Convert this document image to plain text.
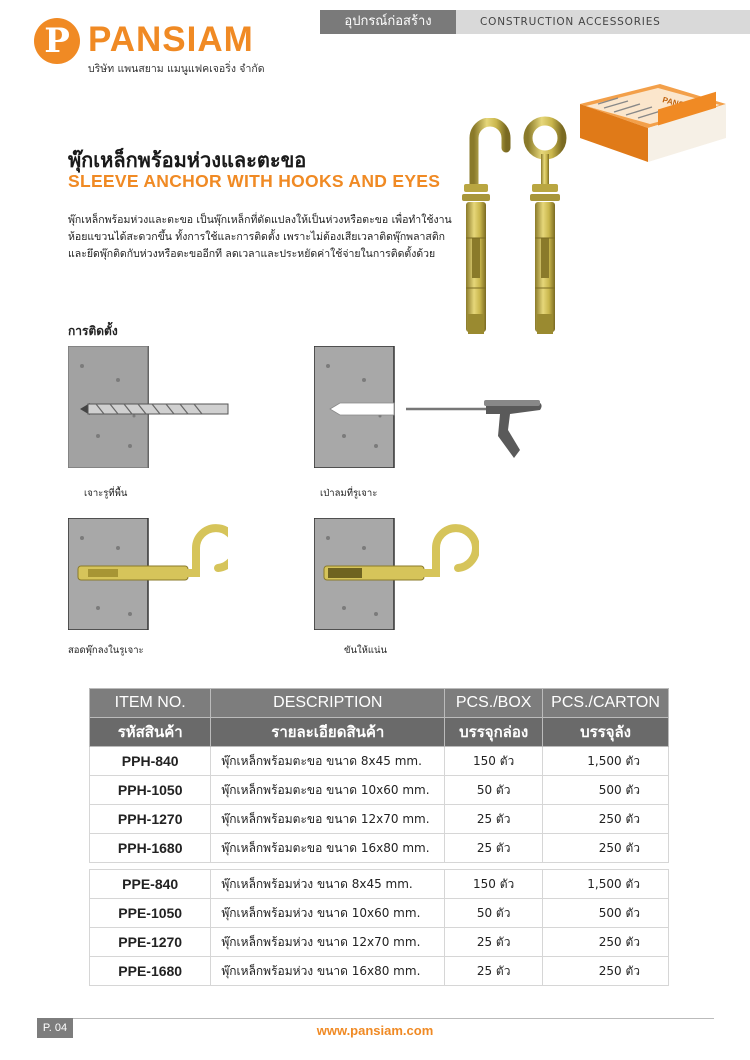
P PANSIAM
บริษัท แพนสยาม แมนูแฟคเจอริ่ง จำกัด
อุปกรณ์ก่อสร้าง	CONSTRUCTION ACCESSORIES
พุ๊กเหล็กพร้อมห่วงและตะขอ
SLEEVE ANCHOR WITH HOOKS AND EYES
พุ๊กเหล็กพร้อมห่วงและตะขอ เป็นพุ๊กเหล็กที่ดัดแปลงให้เป็นห่วงหรือตะขอ เพื่อทำใช้งานห้อยแขวนได้สะดวกขึ้น ทั้งการใช้และการติดตั้ง เพราะไม่ต้องเสียเวลาติดพุ๊กพลาสติกและยึดพุ๊กติดกับห่วงหรือตะขออีกที ลดเวลาและประหยัดค่าใช้จ่ายในการติดตั้งด้วย
การติดตั้ง
เจาะรูที่พื้น	เป่าลมที่รูเจาะ
สอดพุ๊กลงในรูเจาะ	ขันให้แน่น
ITEM NO.	DESCRIPTION	PCS./BOX	PCS./CARTON
รหัสสินค้า	รายละเอียดสินค้า	บรรจุกล่อง	บรรจุลัง
PPH-840	พุ๊กเหล็กพร้อมตะขอ ขนาด 8x45 mm.	150 ตัว	1,500 ตัว
PPH-1050	พุ๊กเหล็กพร้อมตะขอ ขนาด 10x60 mm.	50 ตัว	500 ตัว
PPH-1270	พุ๊กเหล็กพร้อมตะขอ ขนาด 12x70 mm.	25 ตัว	250 ตัว
PPH-1680	พุ๊กเหล็กพร้อมตะขอ ขนาด 16x80 mm.	25 ตัว	250 ตัว

PPE-840	พุ๊กเหล็กพร้อมห่วง ขนาด 8x45 mm.	150 ตัว	1,500 ตัว
PPE-1050	พุ๊กเหล็กพร้อมห่วง ขนาด 10x60 mm.	50 ตัว	500 ตัว
PPE-1270	พุ๊กเหล็กพร้อมห่วง ขนาด 12x70 mm.	25 ตัว	250 ตัว
PPE-1680	พุ๊กเหล็กพร้อมห่วง ขนาด 16x80 mm.	25 ตัว	250 ตัว
P. 04	www.pansiam.com
